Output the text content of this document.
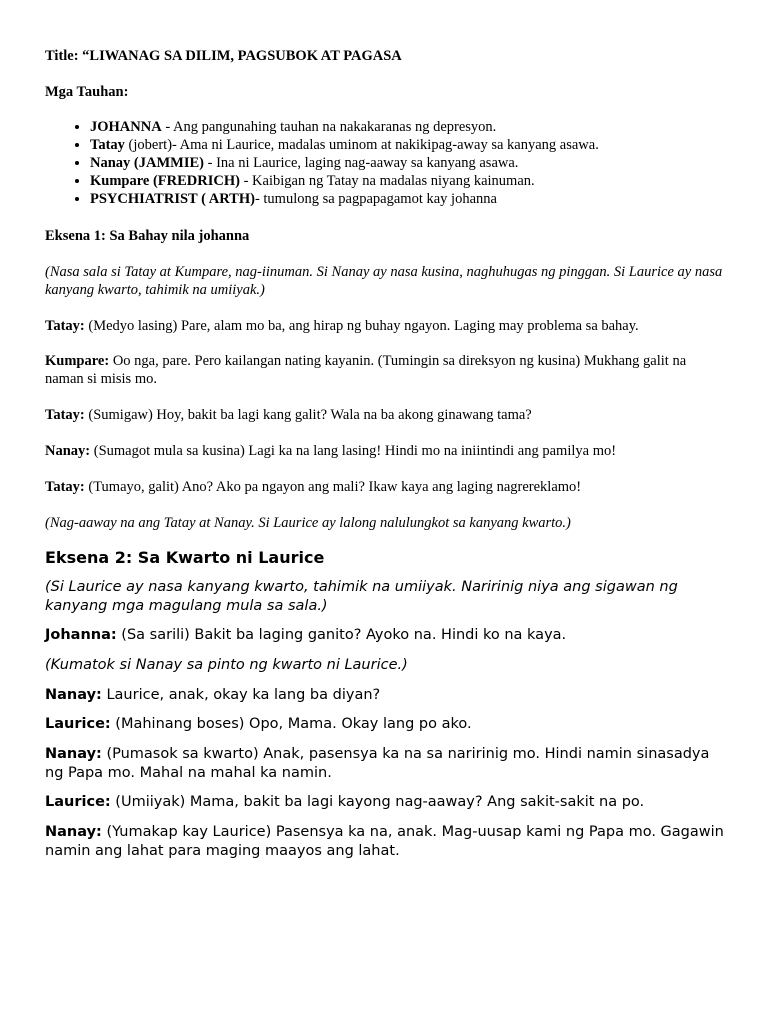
Title: “LIWANAG SA DILIM, PAGSUBOK AT PAGASA

Mga Tauhan:

• JOHANNA - Ang pangunahing tauhan na nakakaranas ng depresyon.
• Tatay (jobert)- Ama ni Laurice, madalas uminom at nakikipag-away sa kanyang asawa.
• Nanay (JAMMIE) - Ina ni Laurice, laging nag-aaway sa kanyang asawa.
• Kumpare (FREDRICH) - Kaibigan ng Tatay na madalas niyang kainuman.
• PSYCHIATRIST ( ARTH)- tumulong sa pagpapagamot kay johanna

Eksena 1: Sa Bahay nila johanna

(Nasa sala si Tatay at Kumpare, nag-iinuman. Si Nanay ay nasa kusina, naghuhugas ng pinggan. Si Laurice ay nasa kanyang kwarto, tahimik na umiiyak.)

Tatay: (Medyo lasing) Pare, alam mo ba, ang hirap ng buhay ngayon. Laging may problema sa bahay.

Kumpare: Oo nga, pare. Pero kailangan nating kayanin. (Tumingin sa direksyon ng kusina) Mukhang galit na naman si misis mo.

Tatay: (Sumigaw) Hoy, bakit ba lagi kang galit? Wala na ba akong ginawang tama?

Nanay: (Sumagot mula sa kusina) Lagi ka na lang lasing! Hindi mo na iniintindi ang pamilya mo!

Tatay: (Tumayo, galit) Ano? Ako pa ngayon ang mali? Ikaw kaya ang laging nagrereklamo!

(Nag-aaway na ang Tatay at Nanay. Si Laurice ay lalong nalulungkot sa kanyang kwarto.)

Eksena 2: Sa Kwarto ni Laurice

(Si Laurice ay nasa kanyang kwarto, tahimik na umiiyak. Naririnig niya ang sigawan ng kanyang mga magulang mula sa sala.)

Johanna: (Sa sarili) Bakit ba laging ganito? Ayoko na. Hindi ko na kaya.

(Kumatok si Nanay sa pinto ng kwarto ni Laurice.)

Nanay: Laurice, anak, okay ka lang ba diyan?

Laurice: (Mahinang boses) Opo, Mama. Okay lang po ako.

Nanay: (Pumasok sa kwarto) Anak, pasensya ka na sa naririnig mo. Hindi namin sinasadya ng Papa mo. Mahal na mahal ka namin.

Laurice: (Umiiyak) Mama, bakit ba lagi kayong nag-aaway? Ang sakit-sakit na po.

Nanay: (Yumakap kay Laurice) Pasensya ka na, anak. Mag-uusap kami ng Papa mo. Gagawin namin ang lahat para maging maayos ang lahat.
